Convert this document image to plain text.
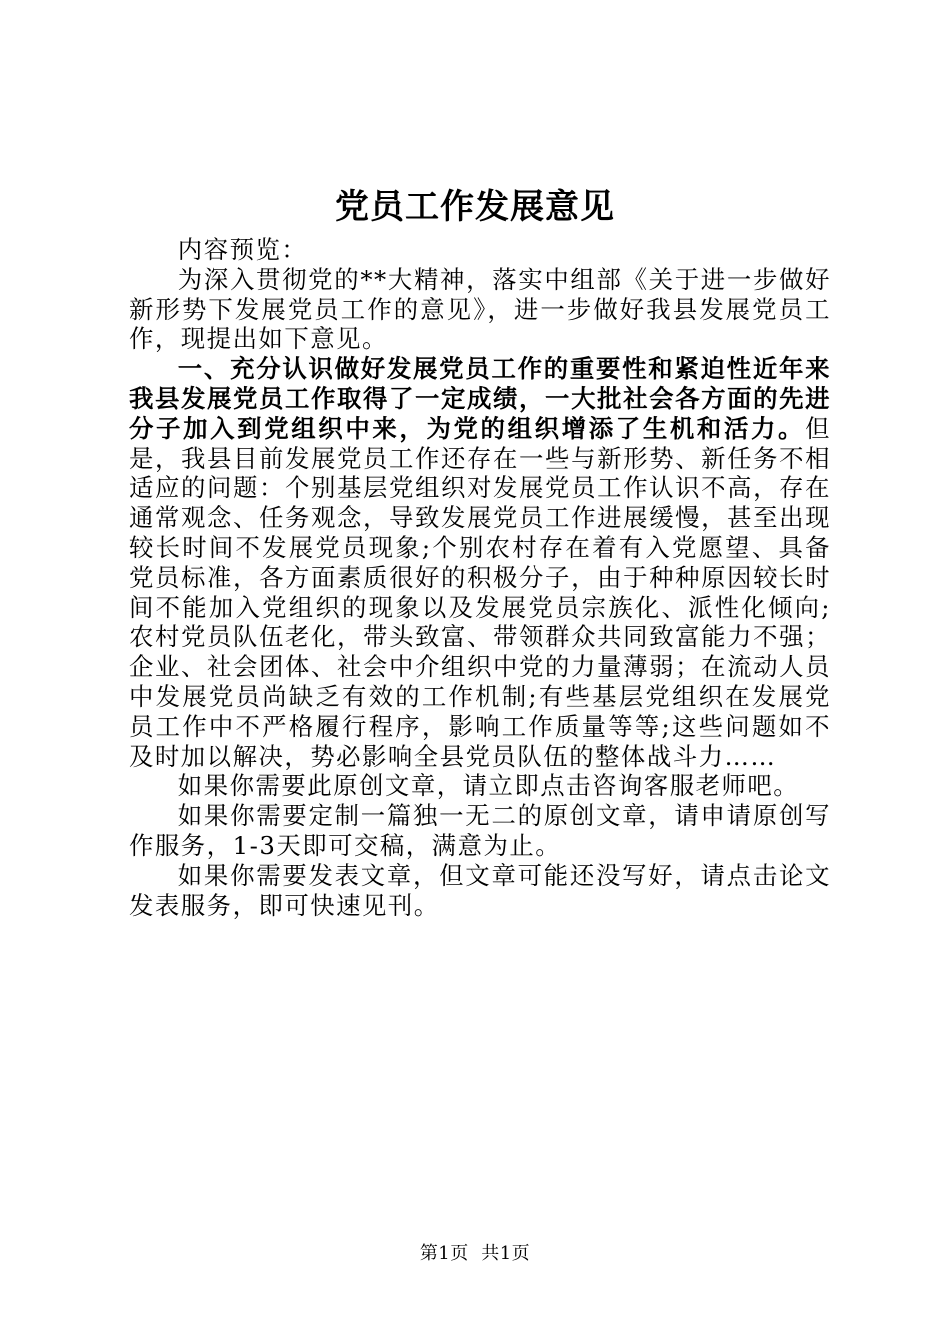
党员工作发展意见

内容预览：

为深入贯彻党的**大精神，落实中组部《关于进一步做好新形势下发展党员工作的意见》，进一步做好我县发展党员工作，现提出如下意见。

一、充分认识做好发展党员工作的重要性和紧迫性近年来我县发展党员工作取得了一定成绩，一大批社会各方面的先进分子加入到党组织中来，为党的组织增添了生机和活力。但是，我县目前发展党员工作还存在一些与新形势、新任务不相适应的问题：个别基层党组织对发展党员工作认识不高，存在通常观念、任务观念，导致发展党员工作进展缓慢，甚至出现较长时间不发展党员现象;个别农村存在着有入党愿望、具备党员标准，各方面素质很好的积极分子，由于种种原因较长时间不能加入党组织的现象以及发展党员宗族化、派性化倾向;农村党员队伍老化，带头致富、带领群众共同致富能力不强；企业、社会团体、社会中介组织中党的力量薄弱；在流动人员中发展党员尚缺乏有效的工作机制;有些基层党组织在发展党员工作中不严格履行程序，影响工作质量等等;这些问题如不及时加以解决，势必影响全县党员队伍的整体战斗力……

如果你需要此原创文章，请立即点击咨询客服老师吧。

如果你需要定制一篇独一无二的原创文章，请申请原创写作服务，1-3天即可交稿，满意为止。

如果你需要发表文章，但文章可能还没写好，请点击论文发表服务，即可快速见刊。

第1页  共1页
